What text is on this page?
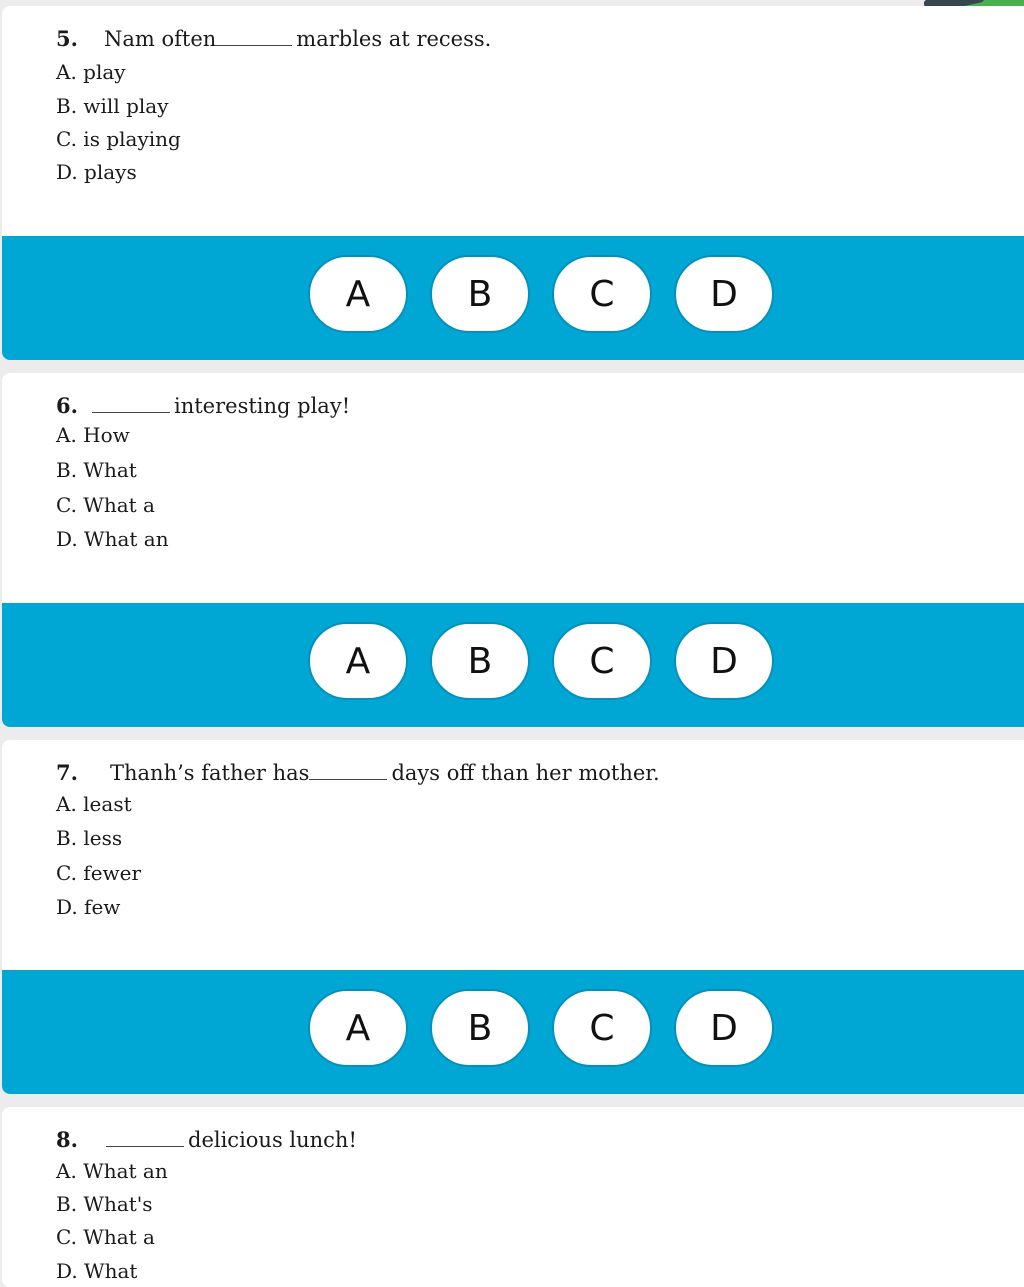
5. Nam often	marbles at recess.
A. play
B. will play
C. is playing
D. plays
A	B	C	D
6.	interesting play!
A. How
B. What
C. What a
D. What an
A	B	C	D
7. Thanh’s father has	days off than her mother.
A. least
B. less
C. fewer
D. few
A	B	C	D
8.	delicious lunch!
A. What an
B. What's
C. What a
D. What
